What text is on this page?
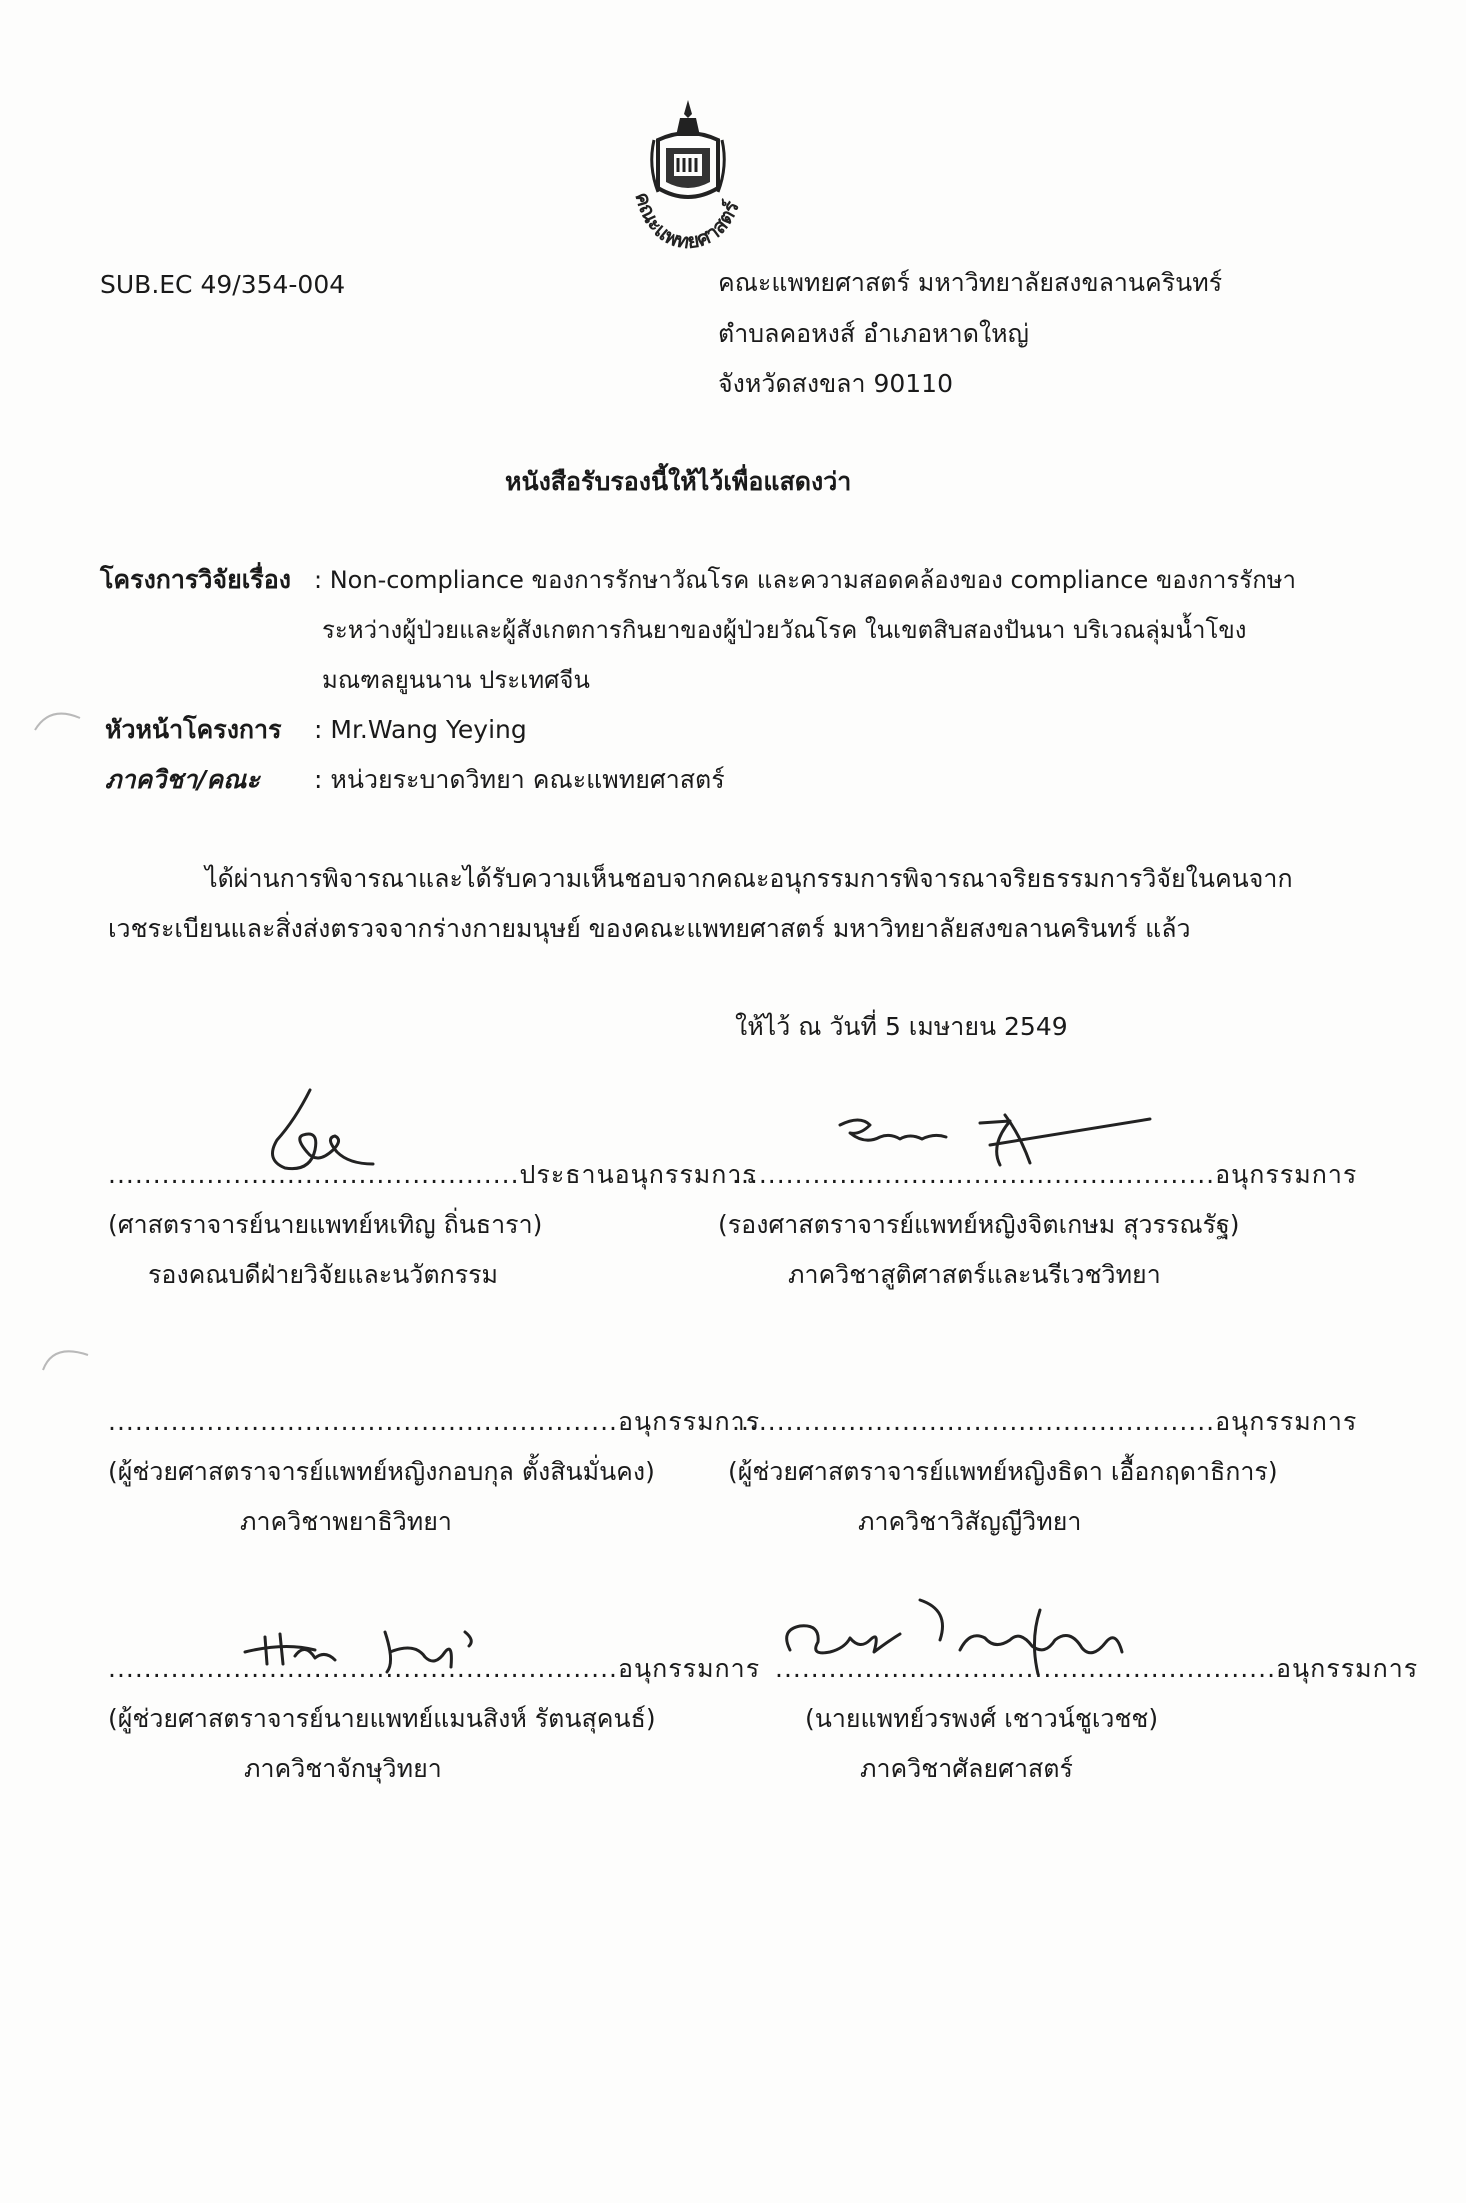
คณะแพทยศาสตร์
SUB.EC 49/354-004	คณะแพทยศาสตร์ มหาวิทยาลัยสงขลานครินทร์
ตำบลคอหงส์ อำเภอหาดใหญ่
จังหวัดสงขลา 90110
หนังสือรับรองนี้ให้ไว้เพื่อแสดงว่า
โครงการวิจัยเรื่อง : Non-compliance ของการรักษาวัณโรค และความสอดคล้องของ compliance ของการรักษา
ระหว่างผู้ป่วยและผู้สังเกตการกินยาของผู้ป่วยวัณโรค ในเขตสิบสองปันนา บริเวณลุ่มน้ำโขง
มณฑลยูนนาน ประเทศจีน
หัวหน้าโครงการ : Mr.Wang Yeying
ภาควิชา/คณะ : หน่วยระบาดวิทยา คณะแพทยศาสตร์
ได้ผ่านการพิจารณาและได้รับความเห็นชอบจากคณะอนุกรรมการพิจารณาจริยธรรมการวิจัยในคนจาก
เวชระเบียนและสิ่งส่งตรวจจากร่างกายมนุษย์ ของคณะแพทยศาสตร์ มหาวิทยาลัยสงขลานครินทร์ แล้ว
ให้ไว้ ณ วันที่ 5 เมษายน 2549
..............................................ประธานอนุกรรมการ
(ศาสตราจารย์นายแพทย์หเทิญ ถิ่นธารา)
รองคณบดีฝ่ายวิจัยและนวัตกรรม
......................................................อนุกรรมการ
(รองศาสตราจารย์แพทย์หญิงจิตเกษม สุวรรณรัฐ)
ภาควิชาสูติศาสตร์และนรีเวชวิทยา
.........................................................อนุกรรมการ
(ผู้ช่วยศาสตราจารย์แพทย์หญิงกอบกุล ตั้งสินมั่นคง)
ภาควิชาพยาธิวิทยา
......................................................อนุกรรมการ
(ผู้ช่วยศาสตราจารย์แพทย์หญิงธิดา เอื้อกฤดาธิการ)
ภาควิชาวิสัญญีวิทยา
.........................................................อนุกรรมการ
(ผู้ช่วยศาสตราจารย์นายแพทย์แมนสิงห์ รัตนสุคนธ์)
ภาควิชาจักษุวิทยา
........................................................อนุกรรมการ
(นายแพทย์วรพงศ์ เชาวน์ชูเวชช)
ภาควิชาศัลยศาสตร์
